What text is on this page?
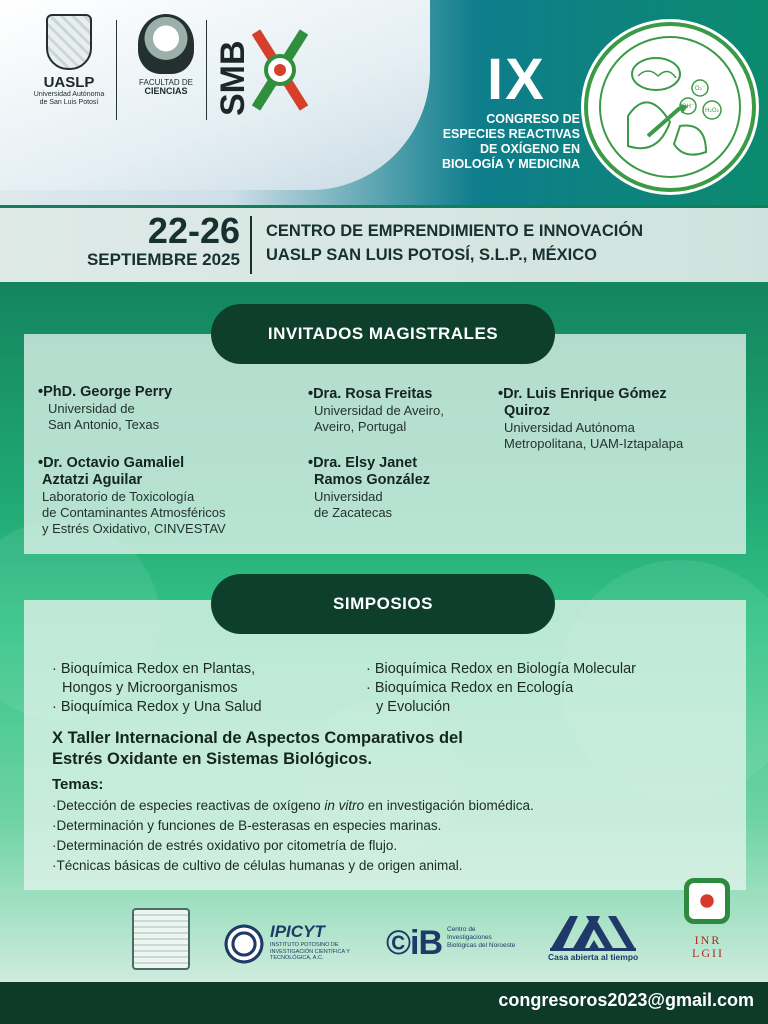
UASLP
Universidad Autónoma
de San Luis Potosí
FACULTAD DE
CIENCIAS SMB	IX
CONGRESO DE
ESPECIES REACTIVAS
DE OXÍGENO EN
BIOLOGÍA Y MEDICINA
O₂⁻
OH⁻
H₂O₂
22-26
SEPTIEMBRE 2025
CENTRO DE EMPRENDIMIENTO E INNOVACIÓN
UASLP SAN LUIS POTOSÍ, S.L.P., MÉXICO
INVITADOS MAGISTRALES
•PhD. George Perry
Universidad de
San Antonio, Texas
•Dr. Octavio Gamaliel
Aztatzi Aguilar
Laboratorio de Toxicología
de Contaminantes Atmosféricos
y Estrés Oxidativo, CINVESTAV
•Dra. Rosa Freitas
Universidad de Aveiro,
Aveiro, Portugal
•Dra. Elsy Janet
Ramos González
Universidad
de Zacatecas
•Dr. Luis Enrique Gómez
Quiroz
Universidad Autónoma
Metropolitana, UAM-Iztapalapa
SIMPOSIOS
· Bioquímica Redox en Plantas,
Hongos y Microorganismos
· Bioquímica Redox y Una Salud
· Bioquímica Redox en Biología Molecular
· Bioquímica Redox en Ecología
y Evolución
X Taller Internacional de Aspectos Comparativos del
Estrés Oxidante en Sistemas Biológicos.
Temas:
·Detección de especies reactivas de oxígeno in vitro en investigación biomédica.
·Determinación y funciones de B-esterasas en especies marinas.
·Determinación de estrés oxidativo por citometría de flujo.
·Técnicas básicas de cultivo de células humanas y de origen animal.
IPICYT
INSTITUTO POTOSINO DE INVESTIGACIÓN CIENTÍFICA Y TECNOLÓGICA, A.C.	©iB Centro de Investigaciones Biológicas del Noroeste
Casa abierta al tiempo
INR
LGII
congresoros2023@gmail.com
